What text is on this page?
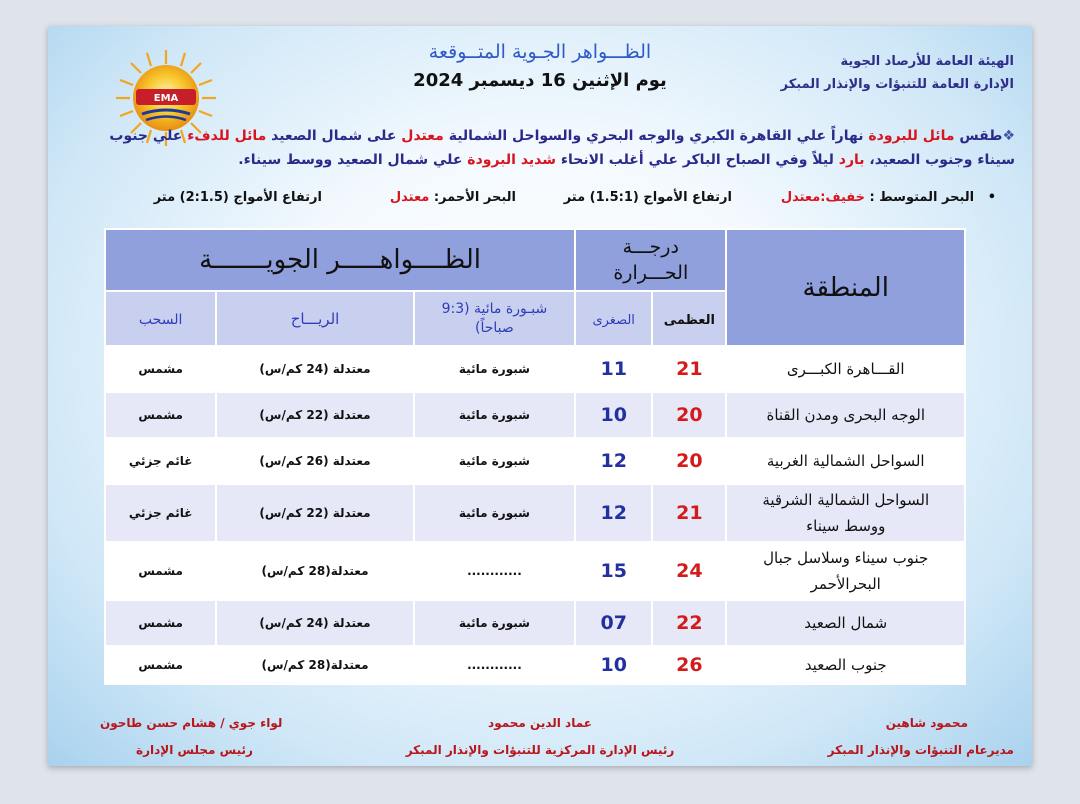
EMA
الهيئة العامة للأرصاد الجوية
الإدارة العامة للتنبؤات والإنذار المبكر
الظـــواهر الجـوية المتــوقعة
يوم الإثنين 16 ديسمبر 2024
❖طقس مائل للبرودة نهاراً علي القاهرة الكبري والوجه البحري والسواحل الشمالية معتدل على شمال الصعيد مائل للدفء علي جنوب سيناء وجنوب الصعيد، بارد ليلاً وفي الصباح الباكر علي أغلب الانحاء شديد البرودة علي شمال الصعيد ووسط سيناء.
•   البحر المتوسط : خفيف:معتدل
ارتفاع الأمواج (1.5:1) متر
البحر الأحمر: معتدل
ارتفاع الأمواج (2:1.5) متر
المنطقة	درجـــة الحـــرارة		الظــــواهـــــر الجويـــــــة		
	العظمى	الصغرى	شبـورة مائية (9:3 صباحاً)	الريـــاح	السحب

القـــاهرة الكبـــرى	21	11	شبورة مائية	معتدلة (24 كم/س)	مشمس

الوجه البحرى ومدن القناة	20	10	شبورة مائية	معتدلة (22 كم/س)	مشمس

السواحل الشمالية الغربية	20	12	شبورة مائية	معتدلة (26 كم/س)	غائم جزئي

السواحل الشمالية الشرقية ووسط سيناء	21	12	شبورة مائية	معتدلة (22 كم/س)	غائم جزئي

جنوب سيناء وسلاسل جبال البحرالأحمر	24	15	............	معتدلة(28 كم/س)	مشمس

شمال الصعيد	22	07	شبورة مائية	معتدلة (24 كم/س)	مشمس

جنوب الصعيد	26	10	............	معتدلة(28 كم/س)	مشمس
محمود شاهين
مديرعام التنبؤات والإنذار المبكر
عماد الدين محمود
رئيس الإدارة المركزية للتنبؤات والإنذار المبكر
لواء جوي / هشام حسن طاحون
رئيس مجلس الإدارة
